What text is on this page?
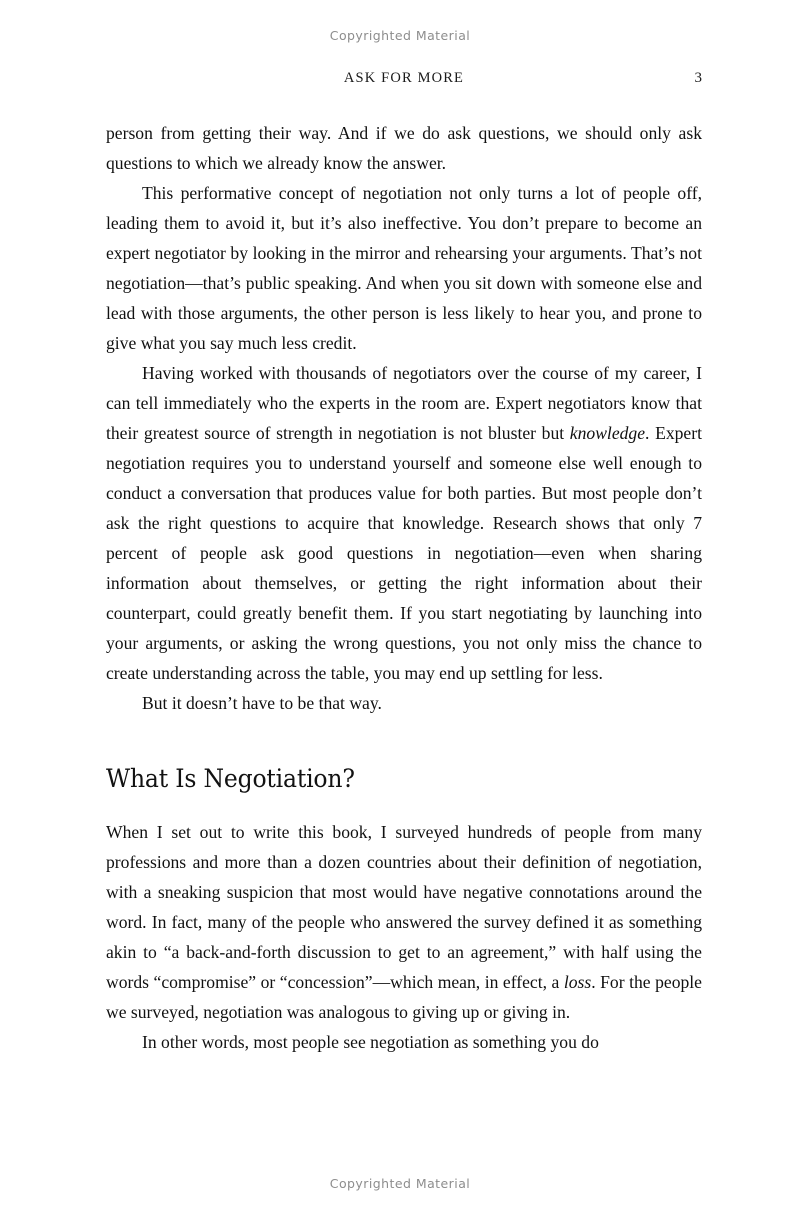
Copyrighted Material
ASK FOR MORE	3

person from getting their way. And if we do ask questions, we should only ask questions to which we already know the answer.

This performative concept of negotiation not only turns a lot of people off, leading them to avoid it, but it’s also ineffective. You don’t prepare to become an expert negotiator by looking in the mirror and rehearsing your arguments. That’s not negotiation—that’s public speaking. And when you sit down with someone else and lead with those arguments, the other person is less likely to hear you, and prone to give what you say much less credit.

Having worked with thousands of negotiators over the course of my career, I can tell immediately who the experts in the room are. Expert negotiators know that their greatest source of strength in negotiation is not bluster but knowledge. Expert negotiation requires you to understand yourself and someone else well enough to conduct a conversation that produces value for both parties. But most people don’t ask the right questions to acquire that knowledge. Research shows that only 7 percent of people ask good questions in negotiation—even when sharing information about themselves, or getting the right information about their counterpart, could greatly benefit them. If you start negotiating by launching into your arguments, or asking the wrong questions, you not only miss the chance to create understanding across the table, you may end up settling for less.

But it doesn’t have to be that way.

What Is Negotiation?

When I set out to write this book, I surveyed hundreds of people from many professions and more than a dozen countries about their definition of negotiation, with a sneaking suspicion that most would have negative connotations around the word. In fact, many of the people who answered the survey defined it as something akin to “a back-and-forth discussion to get to an agreement,” with half using the words “compromise” or “concession”—which mean, in effect, a loss. For the people we surveyed, negotiation was analogous to giving up or giving in.

In other words, most people see negotiation as something you do

Copyrighted Material
